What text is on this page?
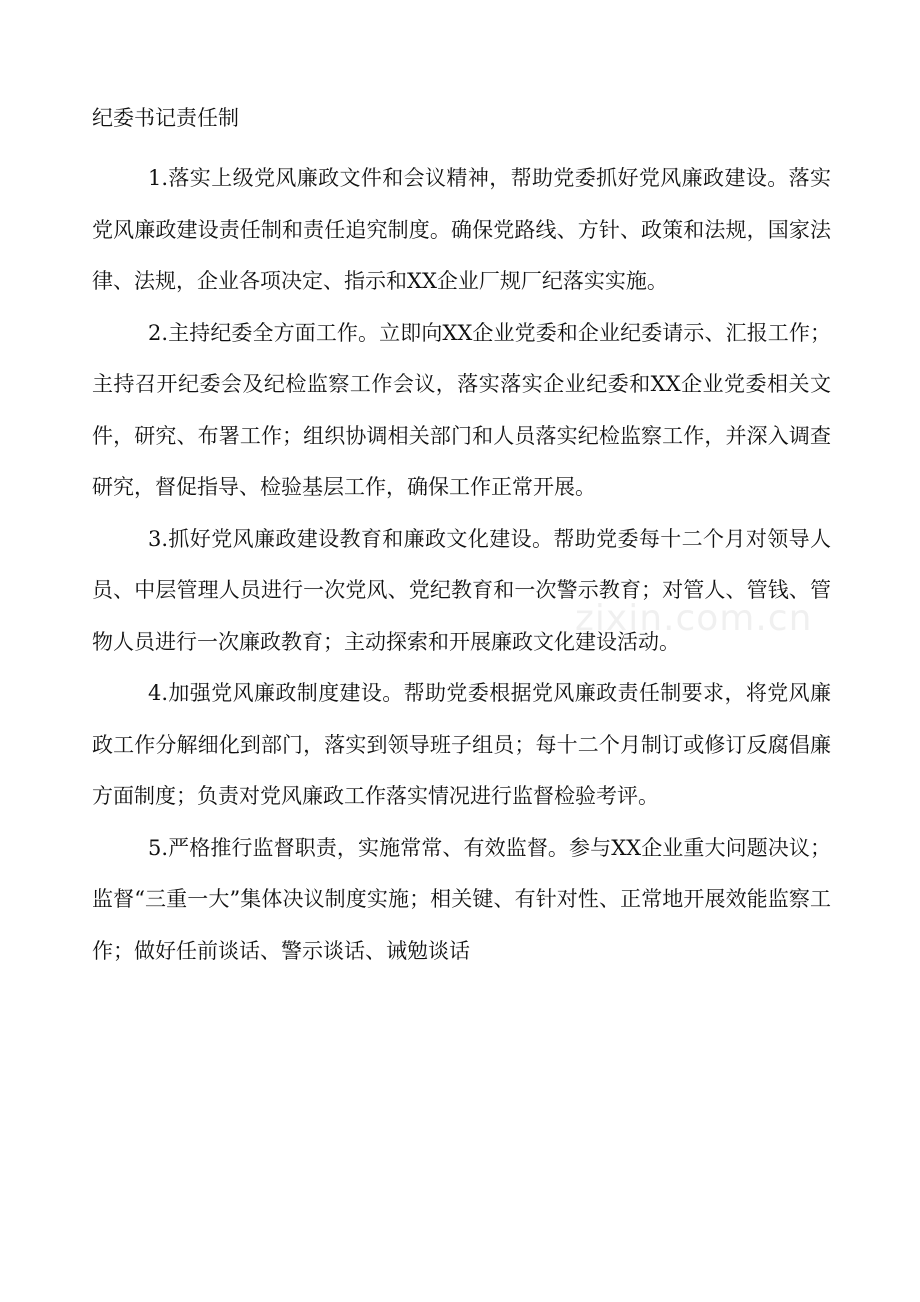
纪委书记责任制

1.落实上级党风廉政文件和会议精神，帮助党委抓好党风廉政建设。落实党风廉政建设责任制和责任追究制度。确保党路线、方针、政策和法规，国家法律、法规，企业各项决定、指示和XX企业厂规厂纪落实实施。

2.主持纪委全方面工作。立即向XX企业党委和企业纪委请示、汇报工作；主持召开纪委会及纪检监察工作会议，落实落实企业纪委和XX企业党委相关文件，研究、布署工作；组织协调相关部门和人员落实纪检监察工作，并深入调查研究，督促指导、检验基层工作，确保工作正常开展。

3.抓好党风廉政建设教育和廉政文化建设。帮助党委每十二个月对领导人员、中层管理人员进行一次党风、党纪教育和一次警示教育；对管人、管钱、管物人员进行一次廉政教育；主动探索和开展廉政文化建设活动。

4.加强党风廉政制度建设。帮助党委根据党风廉政责任制要求，将党风廉政工作分解细化到部门，落实到领导班子组员；每十二个月制订或修订反腐倡廉方面制度；负责对党风廉政工作落实情况进行监督检验考评。

5.严格推行监督职责，实施常常、有效监督。参与XX企业重大问题决议；监督“三重一大”集体决议制度实施；相关键、有针对性、正常地开展效能监察工作；做好任前谈话、警示谈话、诫勉谈话

zixin.com.cn
